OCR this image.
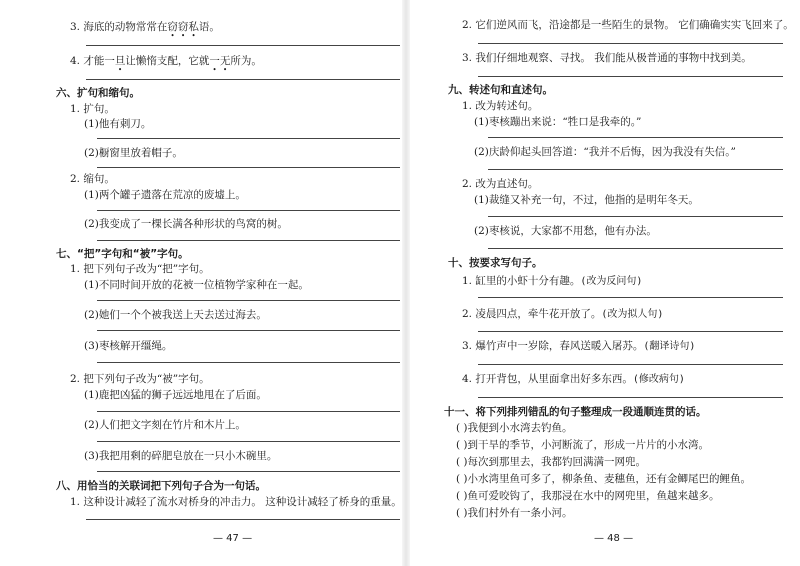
3. 海底的动物常常在窃窃私语。
4. 才能一旦让懒惰支配，它就一无所为。
六、扩句和缩句。
1. 扩句。
(1)他有刺刀。
(2)橱窗里放着帽子。
2. 缩句。
(1)两个罐子遗落在荒凉的废墟上。
(2)我变成了一棵长满各种形状的鸟窝的树。
七、“把”字句和“被”字句。
1. 把下列句子改为“把”字句。
(1)不同时间开放的花被一位植物学家种在一起。
(2)她们一个个被我送上天去送过海去。
(3)枣核解开缰绳。
2. 把下列句子改为“被”字句。
(1)鹿把凶猛的狮子远远地甩在了后面。
(2)人们把文字刻在竹片和木片上。
(3)我把用剩的碎肥皂放在一只小木碗里。
八、用恰当的关联词把下列句子合为一句话。
1. 这种设计减轻了流水对桥身的冲击力。 这种设计减轻了桥身的重量。
— 47 —
2. 它们逆风而飞，沿途都是一些陌生的景物。 它们确确实实飞回来了。
3. 我们仔细地观察、寻找。 我们能从极普通的事物中找到美。
九、转述句和直述句。
1. 改为转述句。
(1)枣核蹦出来说：“牲口是我牵的。”
(2)庆龄仰起头回答道：“我并不后悔，因为我没有失信。”
2. 改为直述句。
(1)裁缝又补充一句，不过，他指的是明年冬天。
(2)枣核说，大家都不用愁，他有办法。
十、按要求写句子。
1. 缸里的小虾十分有趣。(改为反问句)
2. 凌晨四点，牵牛花开放了。(改为拟人句)
3. 爆竹声中一岁除，春风送暖入屠苏。(翻译诗句)
4. 打开背包，从里面拿出好多东西。(修改病句)
十一、将下列排列错乱的句子整理成一段通顺连贯的话。
( )我便到小水湾去钓鱼。
( )到干旱的季节，小河断流了，形成一片片的小水湾。
( )每次到那里去，我都钓回满满一网兜。
( )小水湾里鱼可多了，柳条鱼、麦穗鱼，还有金鲫尾巴的鲤鱼。
( )鱼可爱咬钩了，我那浸在水中的网兜里，鱼越来越多。
( )我们村外有一条小河。
— 48 —
